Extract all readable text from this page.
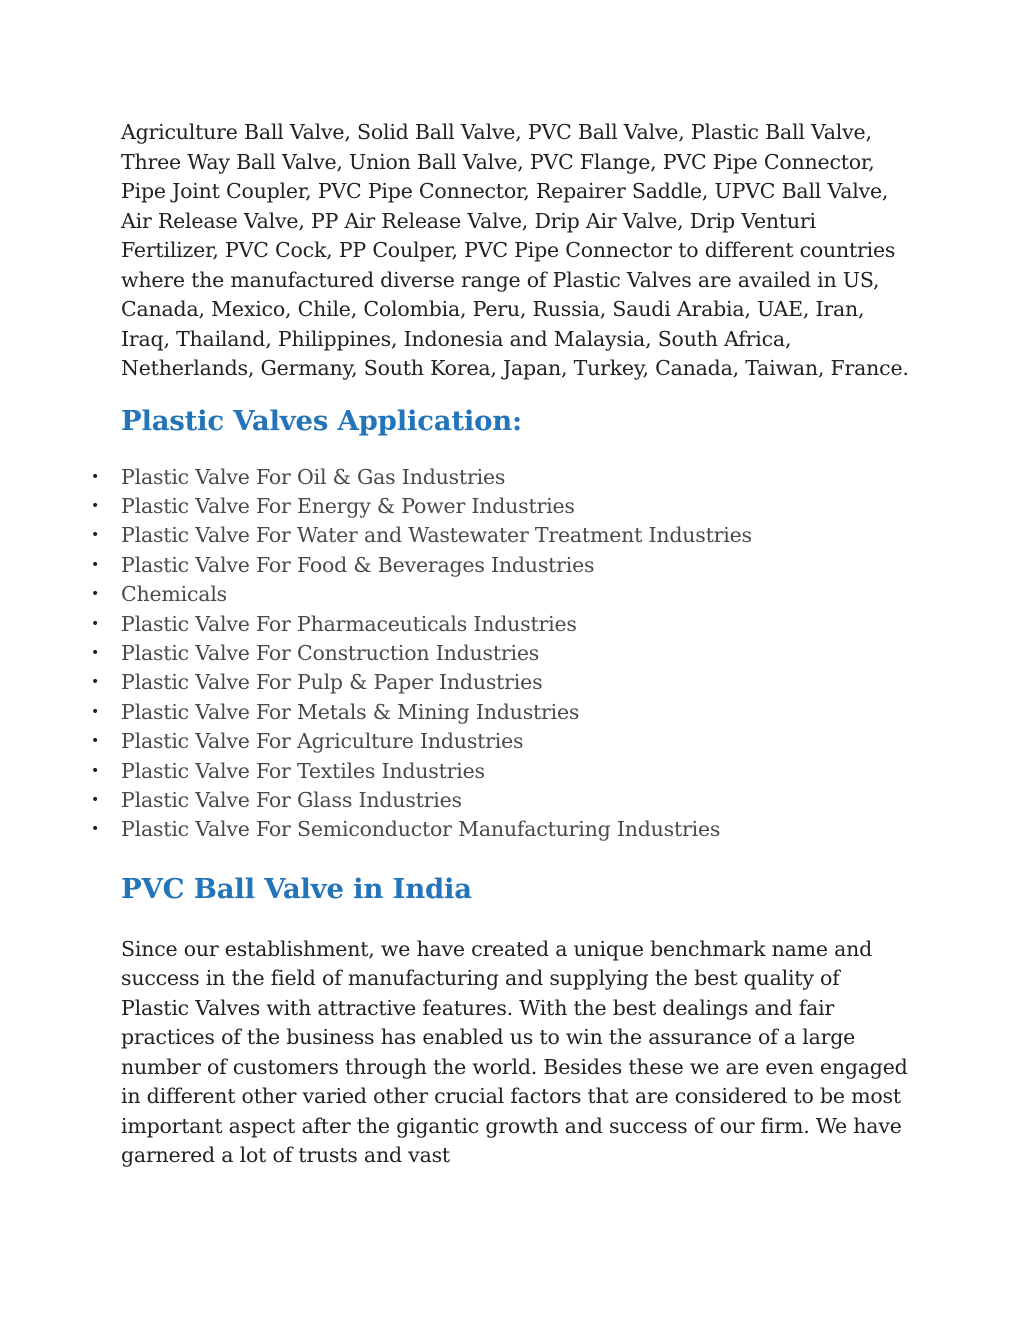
Agriculture Ball Valve, Solid Ball Valve, PVC Ball Valve, Plastic Ball Valve, Three Way Ball Valve, Union Ball Valve, PVC Flange, PVC Pipe Connector, Pipe Joint Coupler, PVC Pipe Connector, Repairer Saddle, UPVC Ball Valve, Air Release Valve, PP Air Release Valve, Drip Air Valve, Drip Venturi Fertilizer, PVC Cock, PP Coulper, PVC Pipe Connector to different countries where the manufactured diverse range of Plastic Valves are availed in US, Canada, Mexico, Chile, Colombia, Peru, Russia, Saudi Arabia, UAE, Iran, Iraq, Thailand, Philippines, Indonesia and Malaysia, South Africa, Netherlands, Germany, South Korea, Japan, Turkey, Canada, Taiwan, France.

Plastic Valves Application:
• Plastic Valve For Oil & Gas Industries
• Plastic Valve For Energy & Power Industries
• Plastic Valve For Water and Wastewater Treatment Industries
• Plastic Valve For Food & Beverages Industries
• Chemicals
• Plastic Valve For Pharmaceuticals Industries
• Plastic Valve For Construction Industries
• Plastic Valve For Pulp & Paper Industries
• Plastic Valve For Metals & Mining Industries
• Plastic Valve For Agriculture Industries
• Plastic Valve For Textiles Industries
• Plastic Valve For Glass Industries
• Plastic Valve For Semiconductor Manufacturing Industries
PVC Ball Valve in India

Since our establishment, we have created a unique benchmark name and success in the field of manufacturing and supplying the best quality of Plastic Valves with attractive features. With the best dealings and fair practices of the business has enabled us to win the assurance of a large number of customers through the world. Besides these we are even engaged in different other varied other crucial factors that are considered to be most important aspect after the gigantic growth and success of our firm. We have garnered a lot of trusts and vast
